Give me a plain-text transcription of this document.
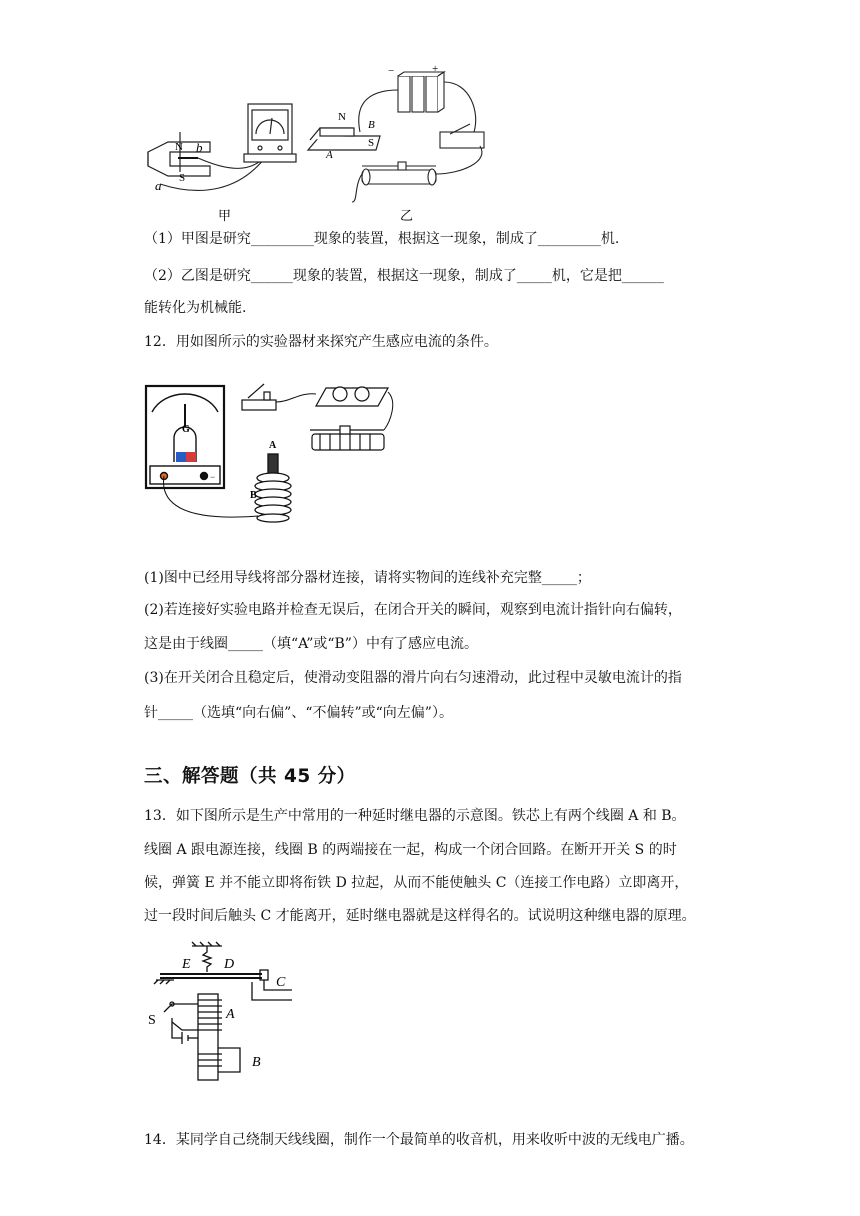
N
S
a
b
甲
−	+
N
B
S
A
乙
（1）甲图是研究_________现象的装置，根据这一现象，制成了_________机.
（2）乙图是研究______现象的装置，根据这一现象，制成了_____机，它是把______
能转化为机械能.
12．用如图所示的实验器材来探究产生感应电流的条件。
G
−
A
B
(1)图中已经用导线将部分器材连接，请将实物间的连线补充完整_____；
(2)若连接好实验电路并检查无误后，在闭合开关的瞬间，观察到电流计指针向右偏转，
这是由于线圈_____（填“A”或“B”）中有了感应电流。
(3)在开关闭合且稳定后，使滑动变阻器的滑片向右匀速滑动，此过程中灵敏电流计的指
针_____（选填“向右偏”、“不偏转”或“向左偏”）。
三、解答题（共 45 分）
13．如下图所示是生产中常用的一种延时继电器的示意图。铁芯上有两个线圈 A 和 B。
线圈 A 跟电源连接，线圈 B 的两端接在一起，构成一个闭合回路。在断开开关 S 的时
候，弹簧 E 并不能立即将衔铁 D 拉起，从而不能使触头 C（连接工作电路）立即离开，
过一段时间后触头 C 才能离开，延时继电器就是这样得名的。试说明这种继电器的原理。
E D
C
S	A
B
14．某同学自己绕制天线线圈，制作一个最简单的收音机，用来收听中波的无线电广播。
